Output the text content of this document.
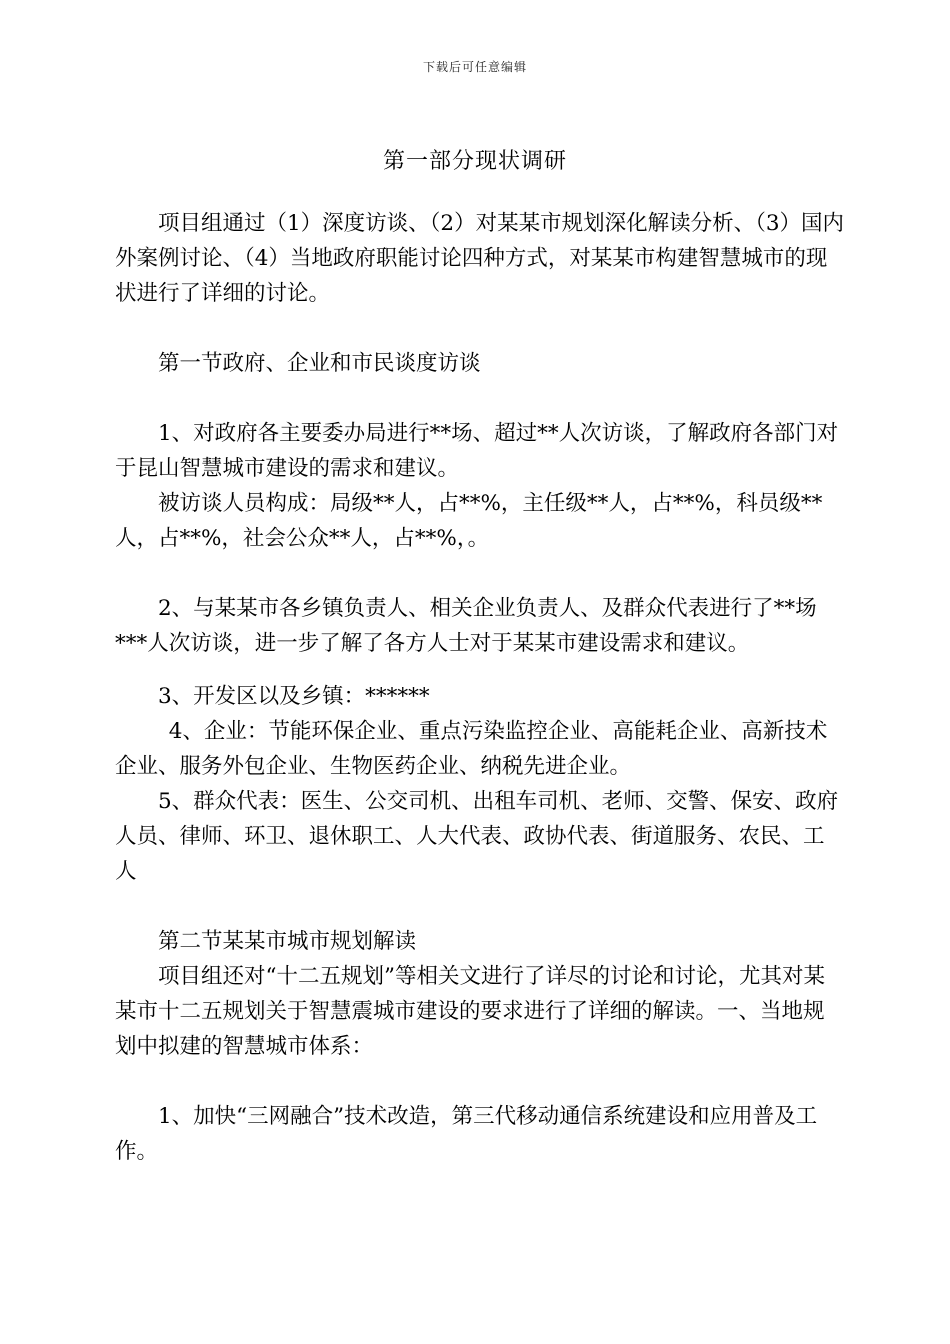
下载后可任意编辑
第一部分现状调研

项目组通过（1）深度访谈、（2）对某某市规划深化解读分析、（3）国内外案例讨论、（4）当地政府职能讨论四种方式，对某某市构建智慧城市的现状进行了详细的讨论。

第一节政府、企业和市民谈度访谈

1、对政府各主要委办局进行**场、超过**人次访谈，了解政府各部门对于昆山智慧城市建设的需求和建议。

被访谈人员构成：局级**人，占**%，主任级**人，占**%，科员级**人，占**%，社会公众**人，占**%，。

2、与某某市各乡镇负责人、相关企业负责人、及群众代表进行了**场***人次访谈，进一步了解了各方人士对于某某市建设需求和建议。

3、开发区以及乡镇：******

4、企业：节能环保企业、重点污染监控企业、高能耗企业、高新技术企业、服务外包企业、生物医药企业、纳税先进企业。

5、群众代表：医生、公交司机、出租车司机、老师、交警、保安、政府人员、律师、环卫、退休职工、人大代表、政协代表、街道服务、农民、工人

第二节某某市城市规划解读

项目组还对“十二五规划”等相关文进行了详尽的讨论和讨论，尤其对某某市十二五规划关于智慧震城市建设的要求进行了详细的解读。一、当地规划中拟建的智慧城市体系：

1、加快“三网融合”技术改造，第三代移动通信系统建设和应用普及工作。
